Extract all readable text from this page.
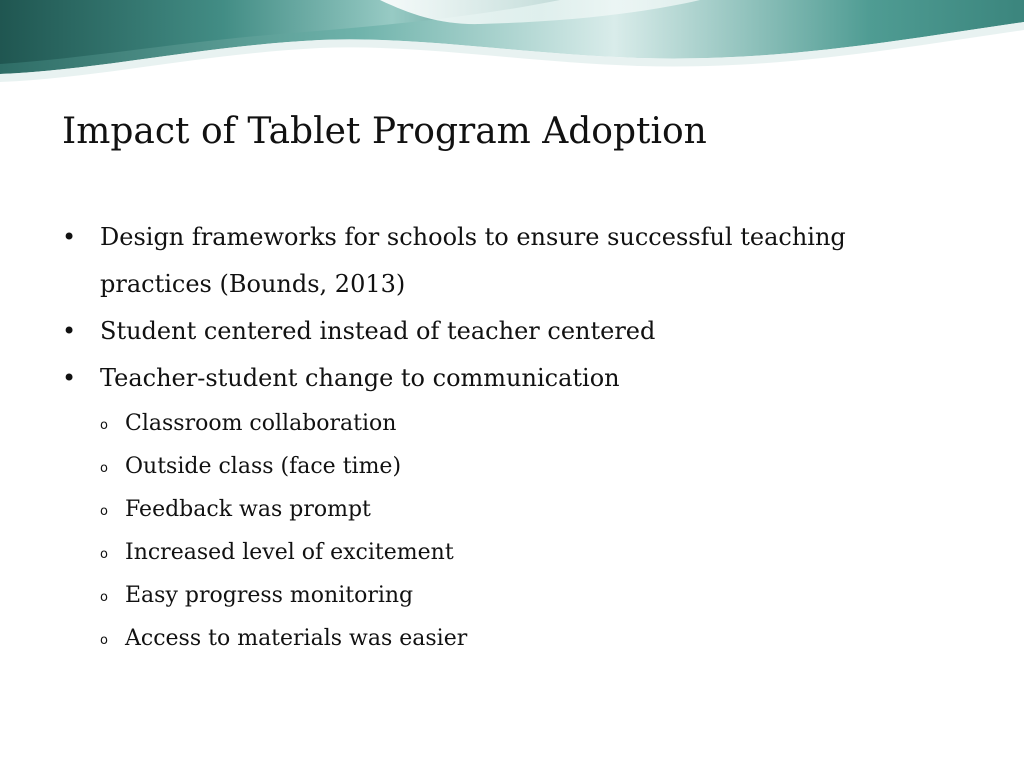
Impact of Tablet Program Adoption
• Design frameworks for schools to ensure successful teaching practices (Bounds, 2013)
• Student centered instead of teacher centered
• Teacher-student change to communication
o Classroom collaboration
o Outside class (face time)
o Feedback was prompt
o Increased level of excitement
o Easy progress monitoring
o Access to materials was easier
